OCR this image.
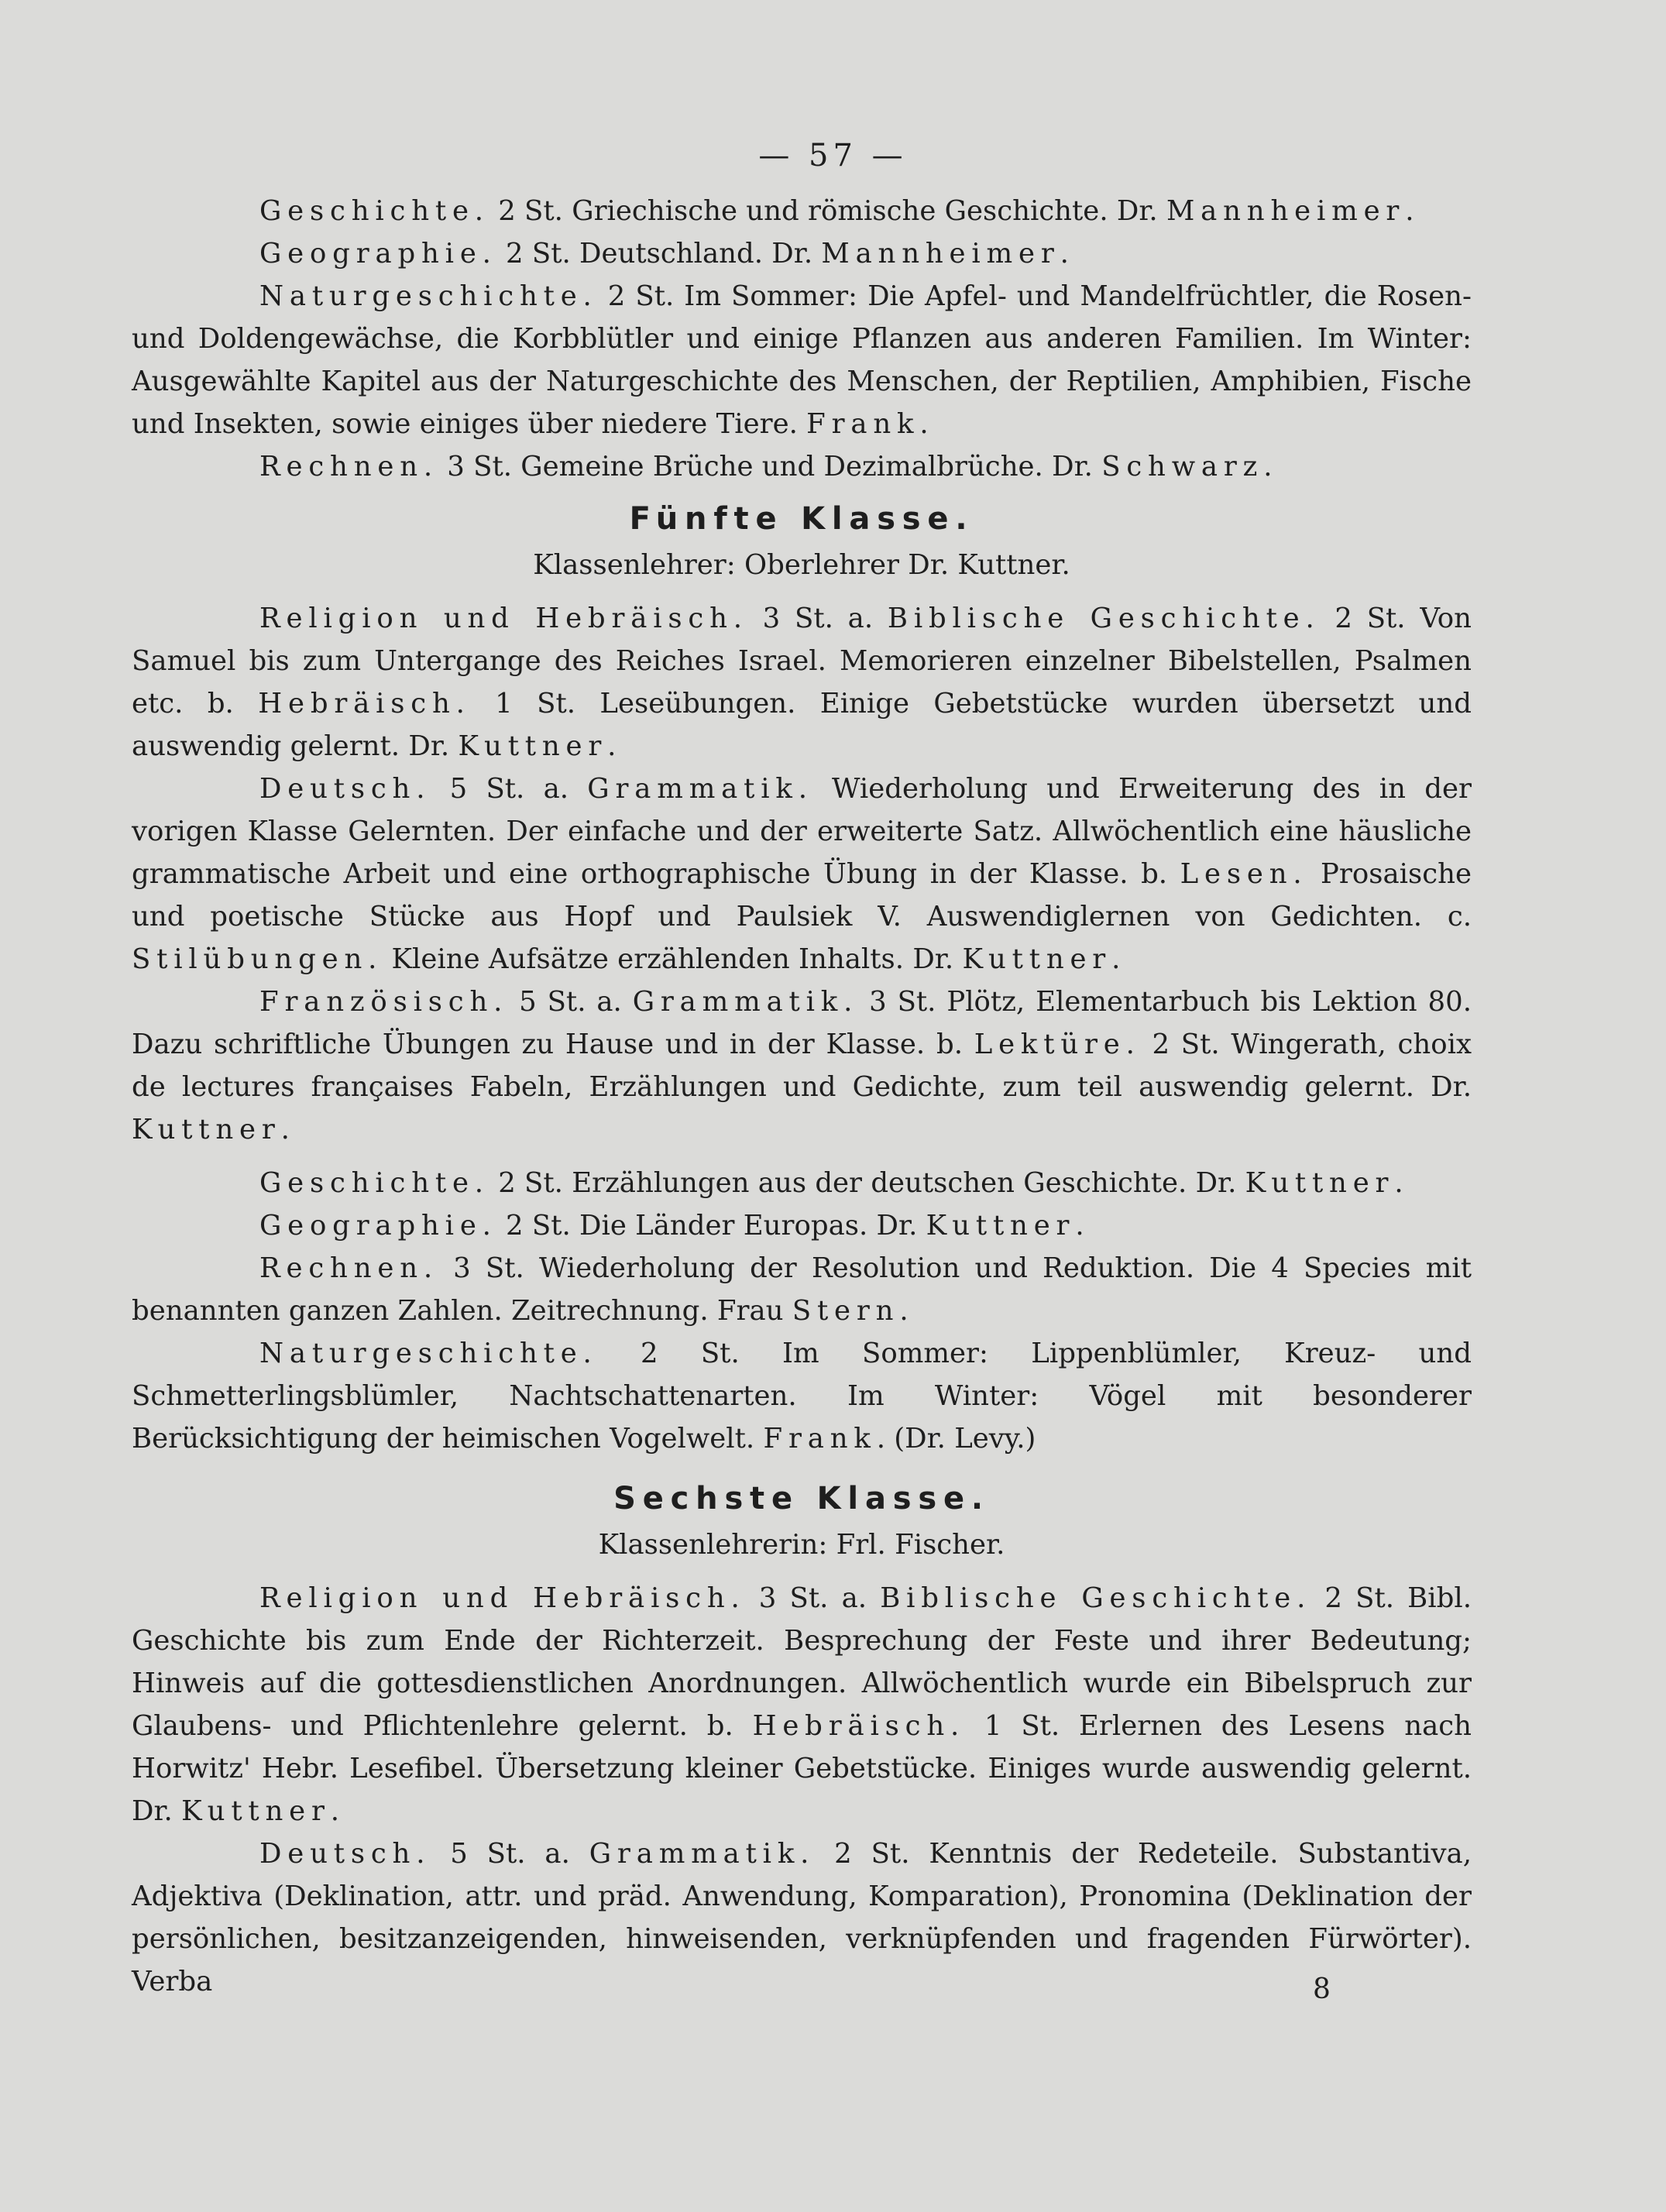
— 57 —

Geschichte. 2 St. Griechische und römische Geschichte. Dr. Mannheimer.

Geographie. 2 St. Deutschland. Dr. Mannheimer.

Naturgeschichte. 2 St. Im Sommer: Die Apfel- und Mandelfrüchtler, die Rosen- und Doldengewächse, die Korbblütler und einige Pflanzen aus anderen Familien. Im Winter: Ausgewählte Kapitel aus der Naturgeschichte des Menschen, der Reptilien, Amphibien, Fische und Insekten, sowie einiges über niedere Tiere. Frank.

Rechnen. 3 St. Gemeine Brüche und Dezimalbrüche. Dr. Schwarz.

Fünfte Klasse.
Klassenlehrer: Oberlehrer Dr. Kuttner.

Religion und Hebräisch. 3 St. a. Biblische Geschichte. 2 St. Von Samuel bis zum Untergange des Reiches Israel. Memorieren einzelner Bibelstellen, Psalmen etc. b. Hebräisch. 1 St. Leseübungen. Einige Gebetstücke wurden übersetzt und auswendig gelernt. Dr. Kuttner.

Deutsch. 5 St. a. Grammatik. Wiederholung und Erweiterung des in der vorigen Klasse Gelernten. Der einfache und der erweiterte Satz. Allwöchentlich eine häusliche grammatische Arbeit und eine orthographische Übung in der Klasse. b. Lesen. Prosaische und poetische Stücke aus Hopf und Paulsiek V. Auswendiglernen von Gedichten. c. Stilübungen. Kleine Aufsätze erzählenden Inhalts. Dr. Kuttner.

Französisch. 5 St. a. Grammatik. 3 St. Plötz, Elementarbuch bis Lektion 80. Dazu schriftliche Übungen zu Hause und in der Klasse. b. Lektüre. 2 St. Wingerath, choix de lectures françaises Fabeln, Erzählungen und Gedichte, zum teil auswendig gelernt. Dr. Kuttner.

Geschichte. 2 St. Erzählungen aus der deutschen Geschichte. Dr. Kuttner.

Geographie. 2 St. Die Länder Europas. Dr. Kuttner.

Rechnen. 3 St. Wiederholung der Resolution und Reduktion. Die 4 Species mit benannten ganzen Zahlen. Zeitrechnung. Frau Stern.

Naturgeschichte. 2 St. Im Sommer: Lippenblümler, Kreuz- und Schmetterlingsblümler, Nachtschattenarten. Im Winter: Vögel mit besonderer Berücksichtigung der heimischen Vogelwelt. Frank. (Dr. Levy.)

Sechste Klasse.
Klassenlehrerin: Frl. Fischer.

Religion und Hebräisch. 3 St. a. Biblische Geschichte. 2 St. Bibl. Geschichte bis zum Ende der Richterzeit. Besprechung der Feste und ihrer Bedeutung; Hinweis auf die gottesdienstlichen Anordnungen. Allwöchentlich wurde ein Bibelspruch zur Glaubens- und Pflichtenlehre gelernt. b. Hebräisch. 1 St. Erlernen des Lesens nach Horwitz' Hebr. Lesefibel. Übersetzung kleiner Gebetstücke. Einiges wurde auswendig gelernt. Dr. Kuttner.

Deutsch. 5 St. a. Grammatik. 2 St. Kenntnis der Redeteile. Substantiva, Adjektiva (Deklination, attr. und präd. Anwendung, Komparation), Pronomina (Deklination der persönlichen, besitzanzeigenden, hinweisenden, verknüpfenden und fragenden Fürwörter). Verba	8
